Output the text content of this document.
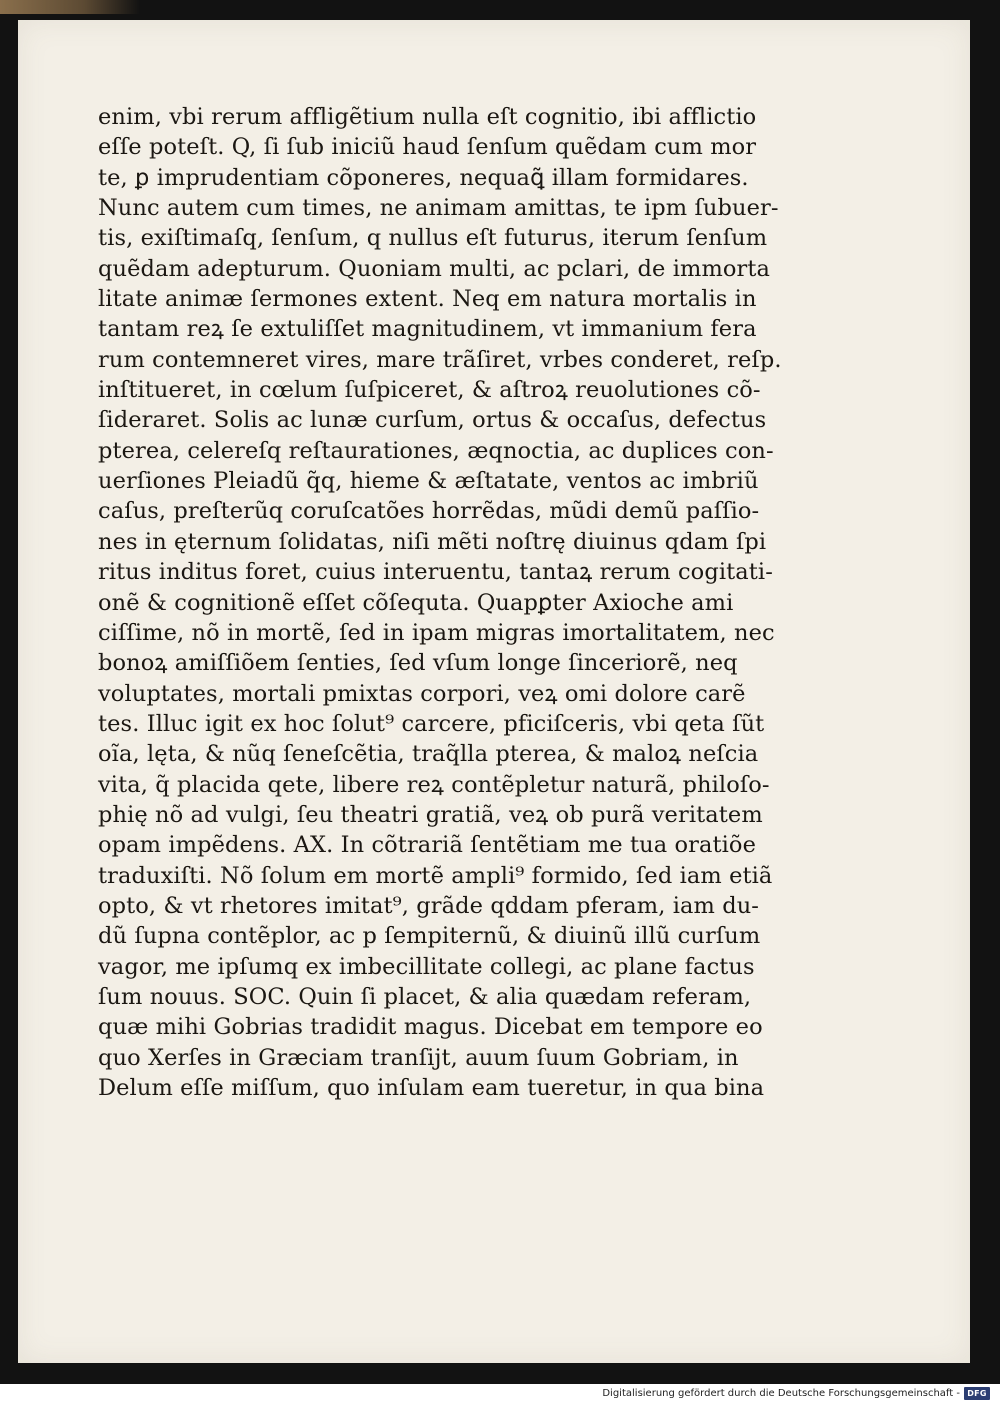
enim, vbi rerum affligẽtium nulla eſt cognitio, ibi afflictio
eſſe poteſt. Q, ſi ſub iniciũ haud ſenſum quẽdam cum mor
te, ꝑ imprudentiam cõponeres, nequaꝗ̃ illam formidares.
Nunc autem cum times, ne animam amittas, te ipm ſubuer-
tis, exiſtimaſq, ſenſum, q nullus eſt futurus, iterum ſenſum
quẽdam adepturum. Quoniam multi, ac pclari, de immorta
litate animæ ſermones extent. Neq em natura mortalis in
tantam reꝝ ſe extuliſſet magnitudinem, vt immanium fera
rum contemneret vires, mare trãſiret, vrbes conderet, reſp.
inſtitueret, in cœlum ſuſpiceret, & aſtroꝝ reuolutiones cõ-
ſideraret. Solis ac lunæ curſum, ortus & occaſus, defectus
pterea, celereſq reſtaurationes, æqnoctia, ac duplices con-
uerſiones Pleiadũ q̃q, hieme & æſtatate, ventos ac imbriũ
caſus, preſterũq coruſcatões horrẽdas, mũdi demũ paſſio-
nes in ęternum ſolidatas, niſi mẽti noſtrę diuinus qdam ſpi
ritus inditus foret, cuius interuentu, tantaꝝ rerum cogitati-
onẽ & cognitionẽ eſſet cõſequta. Quapꝑter Axioche ami
ciſſime, nõ in mortẽ, ſed in ipam migras imortalitatem, nec
bonoꝝ amiſſiõem ſenties, ſed vſum longe ſinceriorẽ, neq
voluptates, mortali pmixtas corpori, veꝝ omi dolore carẽ
tes. Illuc igit ex hoc ſolut⁹ carcere, pficiſceris, vbi qeta ſũt
oĩa, lęta, & nũq ſeneſcẽtia, traq̃lla pterea, & maloꝝ neſcia
vita, q̃ placida qete, libere reꝝ contẽpletur naturã, philoſo-
phię nõ ad vulgi, ſeu theatri gratiã, veꝝ ob purã veritatem
opam impẽdens. AX. In cõtrariã ſentẽtiam me tua oratiõe
traduxiſti. Nõ ſolum em mortẽ ampli⁹ formido, ſed iam etiã
opto, & vt rhetores imitat⁹, grãde qddam pferam, iam du-
dũ ſupna contẽplor, ac p ſempiternũ, & diuinũ illũ curſum
vagor, me ipſumq ex imbecillitate collegi, ac plane factus
ſum nouus. SOC. Quin ſi placet, & alia quædam referam,
quæ mihi Gobrias tradidit magus. Dicebat em tempore eo
quo Xerſes in Græciam tranſijt, auum ſuum Gobriam, in
Delum eſſe miſſum, quo inſulam eam tueretur, in qua bina
Digitalisierung gefördert durch die Deutsche Forschungsgemeinschaft - DFG
